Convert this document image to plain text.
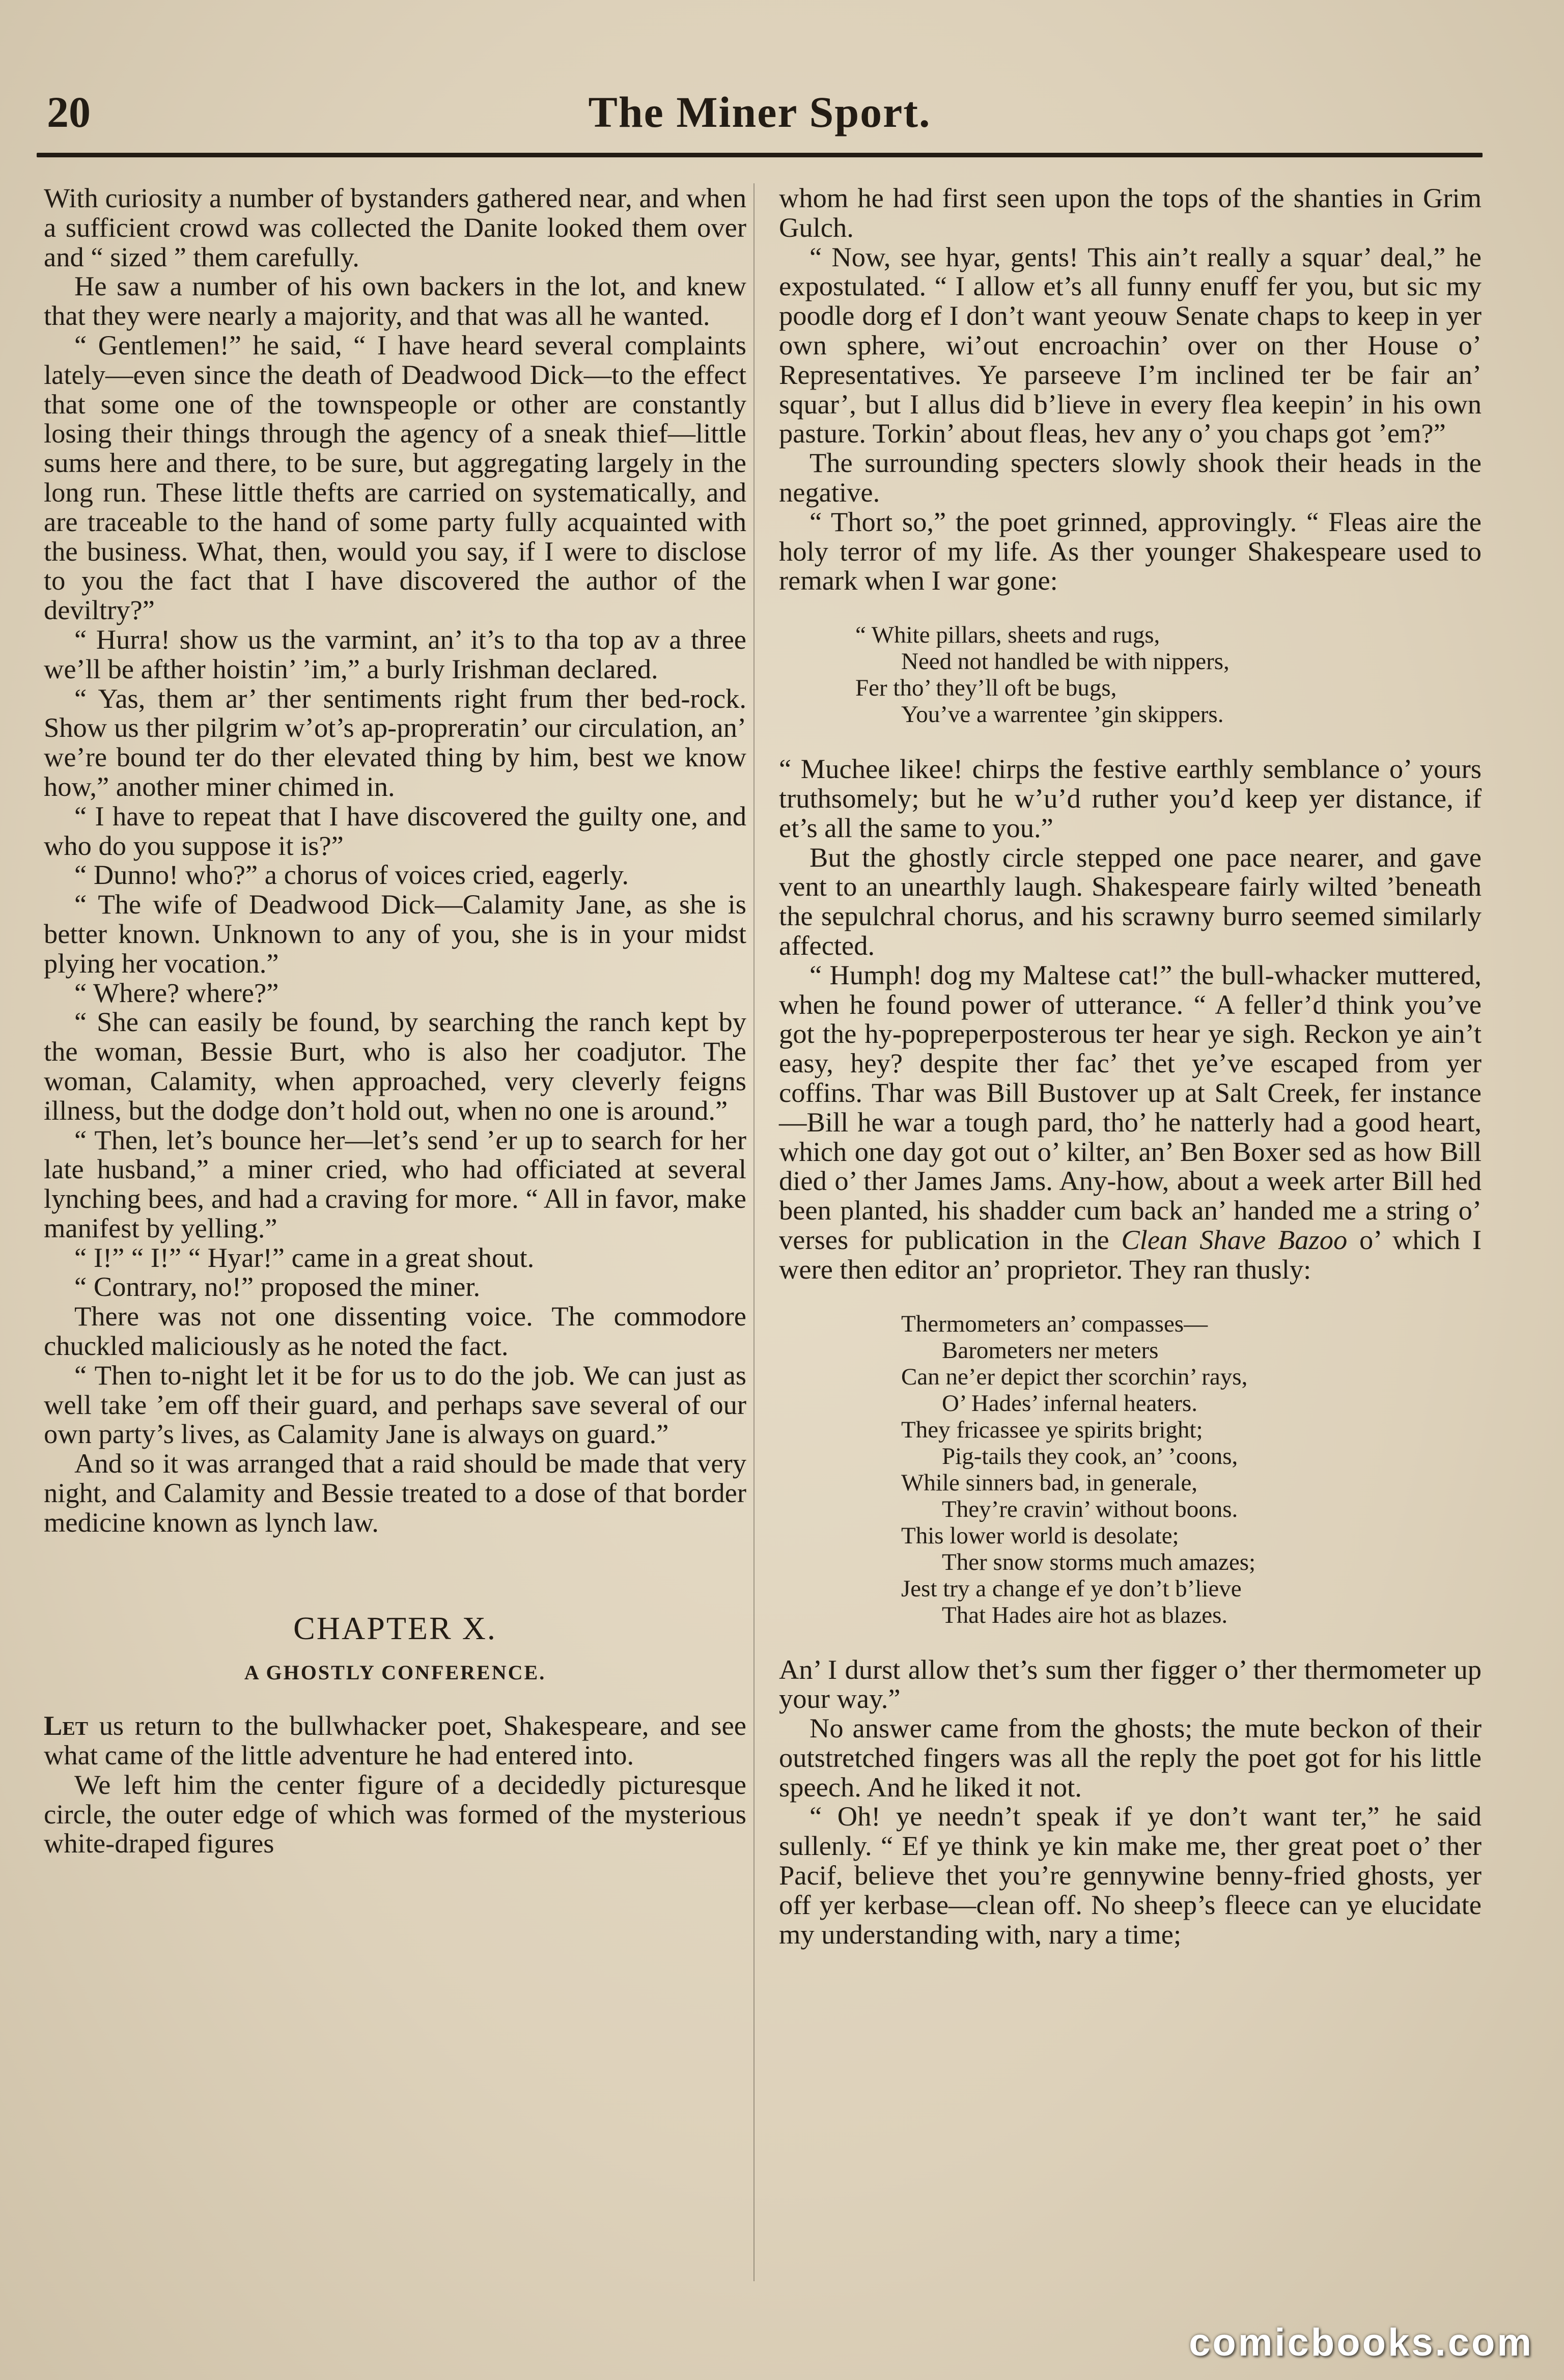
20	The Miner Sport.

With curiosity a number of bystanders gathered near, and when a sufficient crowd was collected the Danite looked them over and “ sized ” them carefully.

He saw a number of his own backers in the lot, and knew that they were nearly a majority, and that was all he wanted.

“ Gentlemen!” he said, “ I have heard several complaints lately—even since the death of Deadwood Dick—to the effect that some one of the townspeople or other are constantly losing their things through the agency of a sneak thief—little sums here and there, to be sure, but aggregating largely in the long run. These little thefts are carried on systematically, and are traceable to the hand of some party fully acquainted with the business. What, then, would you say, if I were to disclose to you the fact that I have discovered the author of the deviltry?”

“ Hurra! show us the varmint, an’ it’s to tha top av a three we’ll be afther hoistin’ ’im,” a burly Irishman declared.

“ Yas, them ar’ ther sentiments right frum ther bed-rock. Show us ther pilgrim w’ot’s ap-propreratin’ our circulation, an’ we’re bound ter do ther elevated thing by him, best we know how,” another miner chimed in.

“ I have to repeat that I have discovered the guilty one, and who do you suppose it is?”

“ Dunno! who?” a chorus of voices cried, eagerly.

“ The wife of Deadwood Dick—Calamity Jane, as she is better known. Unknown to any of you, she is in your midst plying her vocation.”

“ Where? where?”

“ She can easily be found, by searching the ranch kept by the woman, Bessie Burt, who is also her coadjutor. The woman, Calamity, when approached, very cleverly feigns illness, but the dodge don’t hold out, when no one is around.”

“ Then, let’s bounce her—let’s send ’er up to search for her late husband,” a miner cried, who had officiated at several lynching bees, and had a craving for more. “ All in favor, make manifest by yelling.”

“ I!” “ I!” “ Hyar!” came in a great shout.

“ Contrary, no!” proposed the miner.

There was not one dissenting voice. The commodore chuckled maliciously as he noted the fact.

“ Then to-night let it be for us to do the job. We can just as well take ’em off their guard, and perhaps save several of our own party’s lives, as Calamity Jane is always on guard.”

And so it was arranged that a raid should be made that very night, and Calamity and Bessie treated to a dose of that border medicine known as lynch law.

CHAPTER X.
A GHOSTLY CONFERENCE.

Let us return to the bullwhacker poet, Shakespeare, and see what came of the little adventure he had entered into.

We left him the center figure of a decidedly picturesque circle, the outer edge of which was formed of the mysterious white-draped figures

whom he had first seen upon the tops of the shanties in Grim Gulch.

“ Now, see hyar, gents! This ain’t really a squar’ deal,” he expostulated. “ I allow et’s all funny enuff fer you, but sic my poodle dorg ef I don’t want yeouw Senate chaps to keep in yer own sphere, wi’out encroachin’ over on ther House o’ Representatives. Ye parseeve I’m inclined ter be fair an’ squar’, but I allus did b’lieve in every flea keepin’ in his own pasture. Torkin’ about fleas, hev any o’ you chaps got ’em?”

The surrounding specters slowly shook their heads in the negative.

“ Thort so,” the poet grinned, approvingly. “ Fleas aire the holy terror of my life. As ther younger Shakespeare used to remark when I war gone:

“ White pillars, sheets and rugs,
Need not handled be with nippers,
Fer tho’ they’ll oft be bugs,
You’ve a warrentee ’gin skippers.

“ Muchee likee! chirps the festive earthly semblance o’ yours truthsomely; but he w’u’d ruther you’d keep yer distance, if et’s all the same to you.”

But the ghostly circle stepped one pace nearer, and gave vent to an unearthly laugh. Shakespeare fairly wilted ’beneath the sepulchral chorus, and his scrawny burro seemed similarly affected.

“ Humph! dog my Maltese cat!” the bull-whacker muttered, when he found power of utterance. “ A feller’d think you’ve got the hy-popreperposterous ter hear ye sigh. Reckon ye ain’t easy, hey? despite ther fac’ thet ye’ve escaped from yer coffins. Thar was Bill Bustover up at Salt Creek, fer instance—Bill he war a tough pard, tho’ he natterly had a good heart, which one day got out o’ kilter, an’ Ben Boxer sed as how Bill died o’ ther James Jams. Any-how, about a week arter Bill hed been planted, his shadder cum back an’ handed me a string o’ verses for publication in the Clean Shave Bazoo o’ which I were then editor an’ proprietor. They ran thusly:

Thermometers an’ compasses—
Barometers ner meters
Can ne’er depict ther scorchin’ rays,
O’ Hades’ infernal heaters.
They fricassee ye spirits bright;
Pig-tails they cook, an’ ’coons,
While sinners bad, in generale,
They’re cravin’ without boons.
This lower world is desolate;
Ther snow storms much amazes;
Jest try a change ef ye don’t b’lieve
That Hades aire hot as blazes.

An’ I durst allow thet’s sum ther figger o’ ther thermometer up your way.”

No answer came from the ghosts; the mute beckon of their outstretched fingers was all the reply the poet got for his little speech. And he liked it not.

“ Oh! ye needn’t speak if ye don’t want ter,” he said sullenly. “ Ef ye think ye kin make me, ther great poet o’ ther Pacif, believe thet you’re gennywine benny-fried ghosts, yer off yer kerbase—clean off. No sheep’s fleece can ye elucidate my understanding with, nary a time;

comicbooks.com
